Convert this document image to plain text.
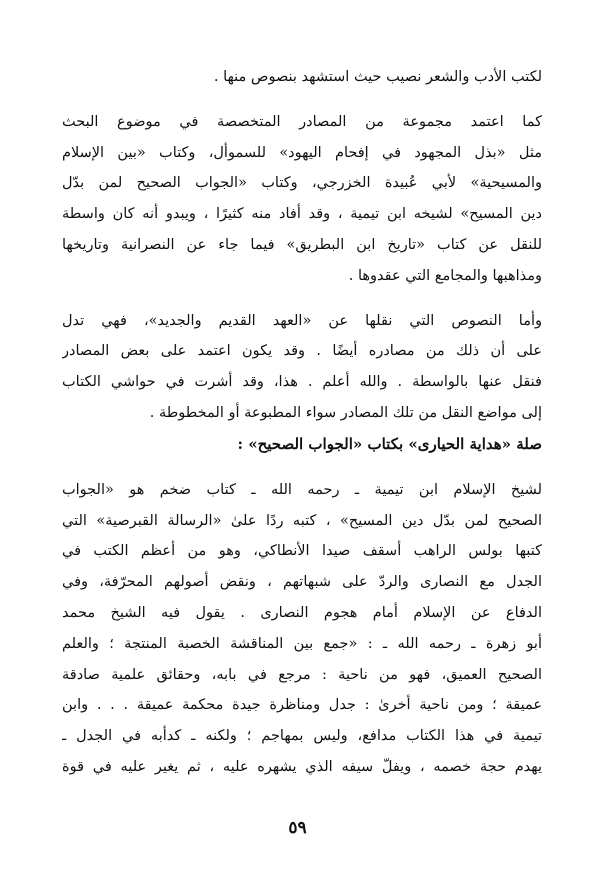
لكتب الأدب والشعر نصيب حيث استشهد بنصوص منها .
كما اعتمد مجموعة من المصادر المتخصصة في موضوع البحث
مثل «بذل المجهود في إفحام اليهود» للسموأل، وكتاب «بين الإسلام
والمسيحية» لأبي عُبيدة الخزرجي، وكتاب «الجواب الصحيح لمن بدّل
دين المسيح» لشيخه ابن تيمية ، وقد أفاد منه كثيرًا ، ويبدو أنه كان واسطة
للنقل عن كتاب «تاريخ ابن البطريق» فيما جاء عن النصرانية وتاريخها
ومذاهبها والمجامع التي عقدوها .
وأما النصوص التي نقلها عن «العهد القديم والجديد»، فهي تدل
على أن ذلك من مصادره أيضًا . وقد يكون اعتمد على بعض المصادر
فنقل عنها بالواسطة . والله أعلم . هذا، وقد أشرت في حواشي الكتاب
إلى مواضع النقل من تلك المصادر سواء المطبوعة أو المخطوطة .
صلة «هداية الحيارى» بكتاب «الجواب الصحيح» :
لشيخ الإسلام ابن تيمية ـ رحمه الله ـ كتاب ضخم هو «الجواب
الصحيح لمن بدّل دين المسيح» ، كتبه ردًا علىٰ «الرسالة القبرصية» التي
كتبها بولس الراهب أسقف صيدا الأنطاكي، وهو من أعظم الكتب في
الجدل مع النصارى والردّ على شبهاتهم ، ونقض أصولهم المحرّفة، وفي
الدفاع عن الإسلام أمام هجوم النصارى . يقول فيه الشيخ محمد
أبو زهرة ـ رحمه الله ـ : «جمع بين المناقشة الخصبة المنتجة ؛ والعلم
الصحيح العميق، فهو من ناحية : مرجع في بابه، وحقائق علمية صادقة
عميقة ؛ ومن ناحية أخرىٰ : جدل ومناظرة جيدة محكمة عميقة . . . وابن
تيمية في هذا الكتاب مدافع، وليس بمهاجم ؛ ولكنه ـ كدأبه في الجدل ـ
يهدم حجة خصمه ، ويفلّ سيفه الذي يشهره عليه ، ثم يغير عليه في قوة
٥٩
